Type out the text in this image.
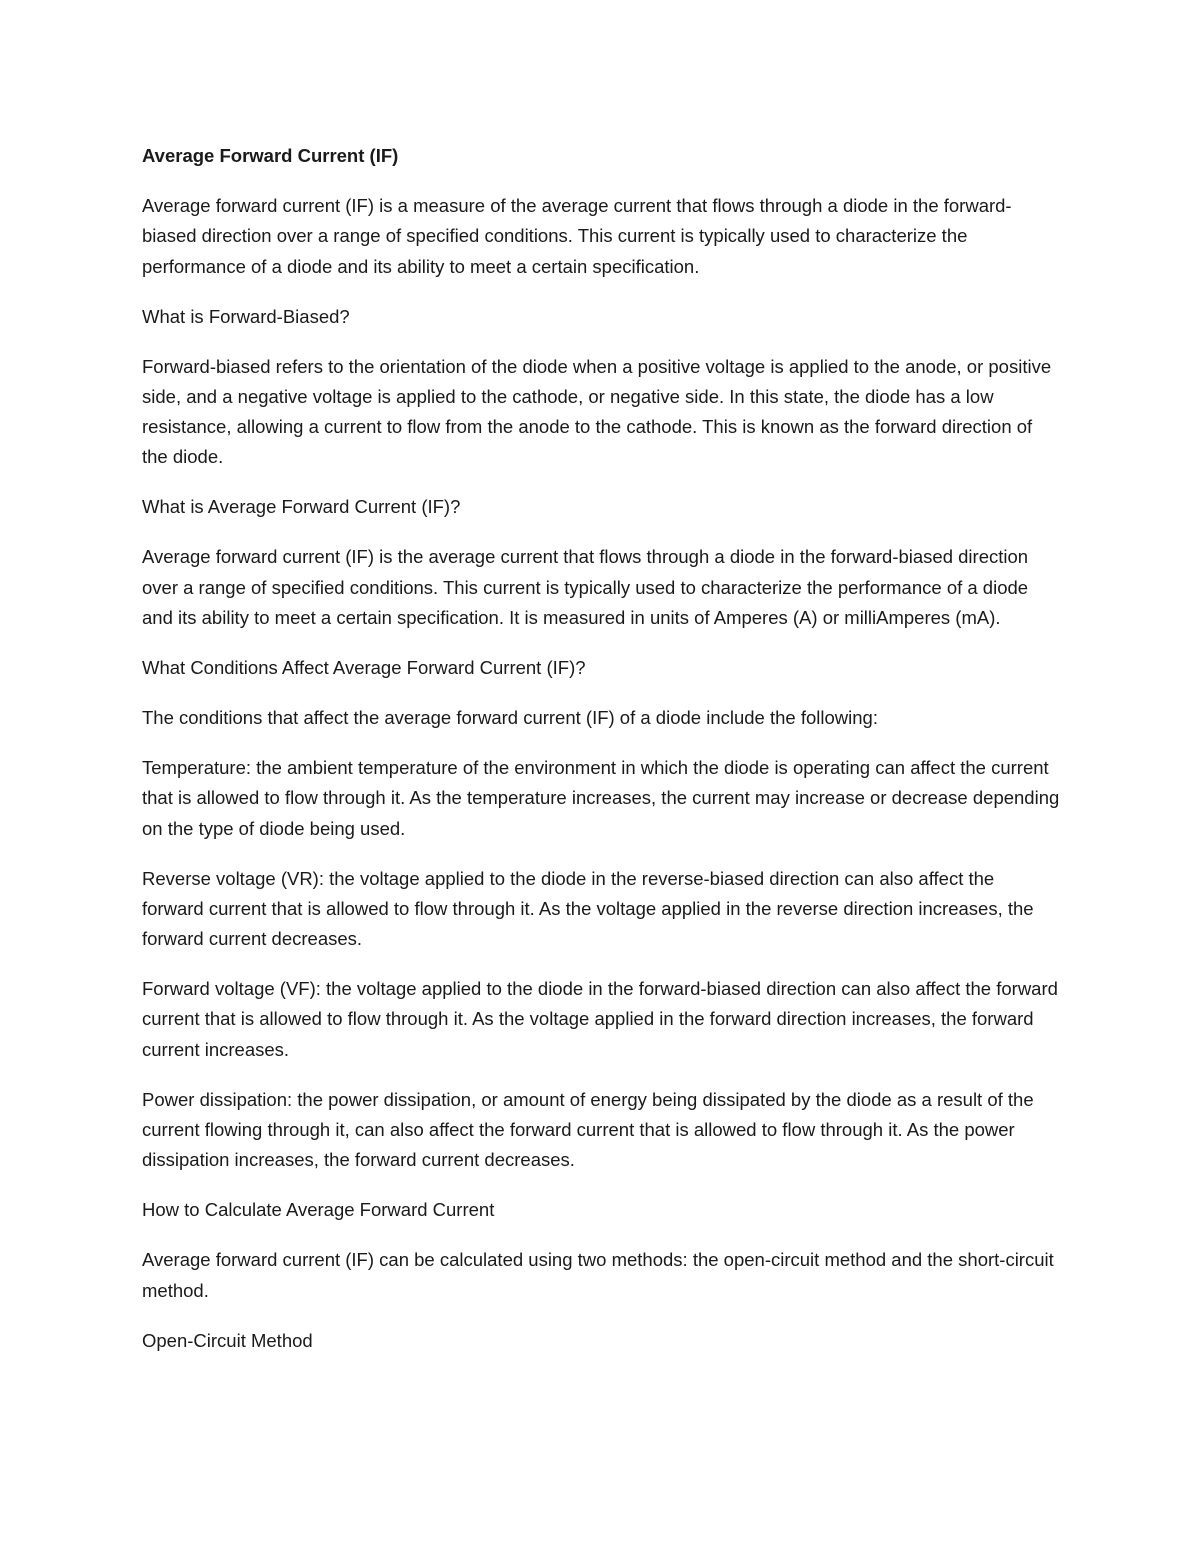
Average Forward Current (IF)

Average forward current (IF) is a measure of the average current that flows through a diode in the forward-biased direction over a range of specified conditions. This current is typically used to characterize the performance of a diode and its ability to meet a certain specification.

What is Forward-Biased?

Forward-biased refers to the orientation of the diode when a positive voltage is applied to the anode, or positive side, and a negative voltage is applied to the cathode, or negative side. In this state, the diode has a low resistance, allowing a current to flow from the anode to the cathode. This is known as the forward direction of the diode.

What is Average Forward Current (IF)?

Average forward current (IF) is the average current that flows through a diode in the forward-biased direction over a range of specified conditions. This current is typically used to characterize the performance of a diode and its ability to meet a certain specification. It is measured in units of Amperes (A) or milliAmperes (mA).

What Conditions Affect Average Forward Current (IF)?

The conditions that affect the average forward current (IF) of a diode include the following:

Temperature: the ambient temperature of the environment in which the diode is operating can affect the current that is allowed to flow through it. As the temperature increases, the current may increase or decrease depending on the type of diode being used.

Reverse voltage (VR): the voltage applied to the diode in the reverse-biased direction can also affect the forward current that is allowed to flow through it. As the voltage applied in the reverse direction increases, the forward current decreases.

Forward voltage (VF): the voltage applied to the diode in the forward-biased direction can also affect the forward current that is allowed to flow through it. As the voltage applied in the forward direction increases, the forward current increases.

Power dissipation: the power dissipation, or amount of energy being dissipated by the diode as a result of the current flowing through it, can also affect the forward current that is allowed to flow through it. As the power dissipation increases, the forward current decreases.

How to Calculate Average Forward Current

Average forward current (IF) can be calculated using two methods: the open-circuit method and the short-circuit method.

Open-Circuit Method
